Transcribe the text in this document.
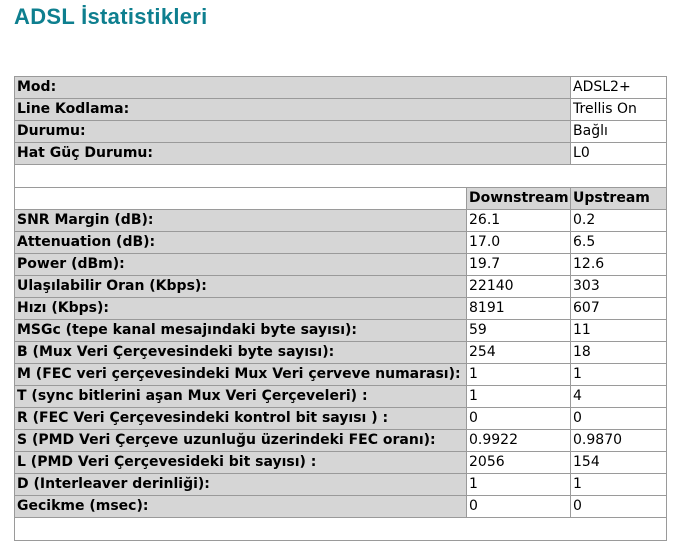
ADSL İstatistikleri
Mod:		ADSL2+
Line Kodlama:		Trellis On
Durumu:		Bağlı
Hat Güç Durumu:		L0

	Downstream	Upstream
SNR Margin (dB):	26.1	0.2
Attenuation (dB):	17.0	6.5
Power (dBm):	19.7	12.6
Ulaşılabilir Oran (Kbps):	22140	303
Hızı (Kbps):	8191	607
MSGc (tepe kanal mesajındaki byte sayısı):	59	11
B (Mux Veri Çerçevesindeki byte sayısı):	254	18
M (FEC veri çerçevesindeki Mux Veri çerveve numarası):	1	1
T (sync bitlerini aşan Mux Veri Çerçeveleri) :	1	4
R (FEC Veri Çerçevesindeki kontrol bit sayısı ) :	0	0
S (PMD Veri Çerçeve uzunluğu üzerindeki FEC oranı):	0.9922	0.9870
L (PMD Veri Çerçevesideki bit sayısı) :	2056	154
D (Interleaver derinliği):	1	1
Gecikme (msec):	0	0
